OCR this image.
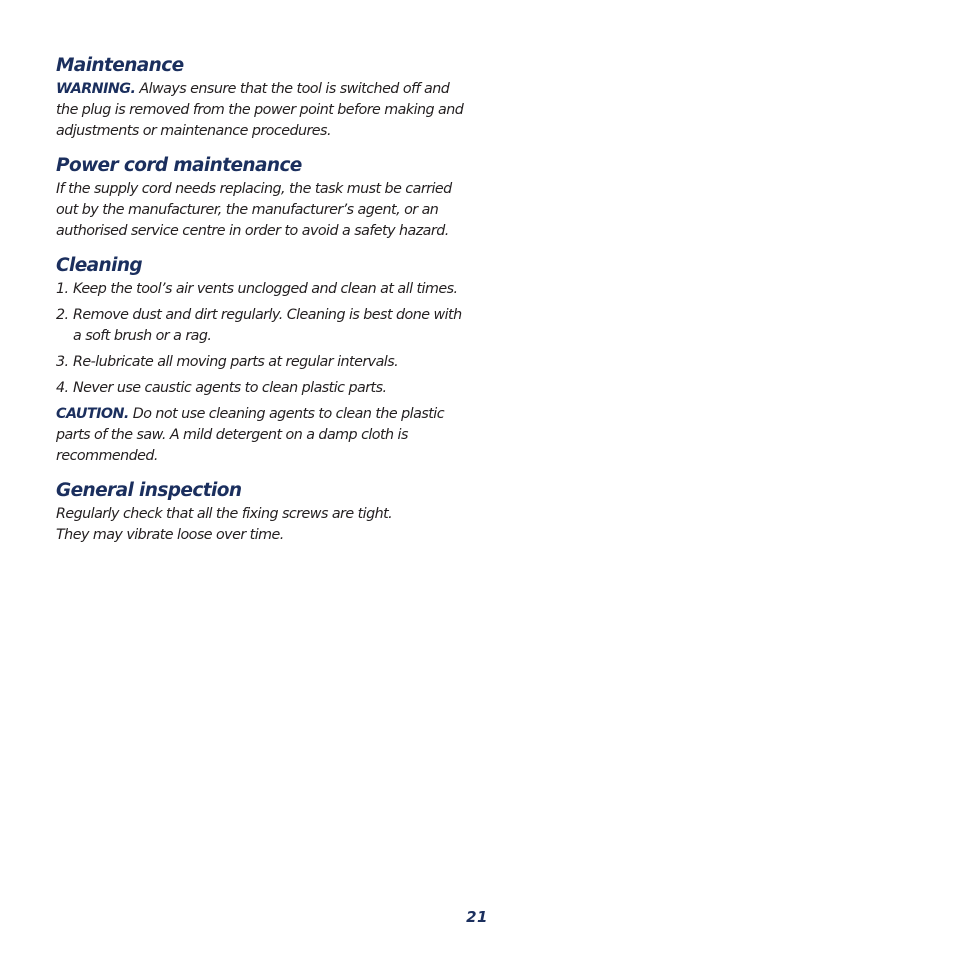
Maintenance

WARNING. Always ensure that the tool is switched off and the plug is removed from the power point before making and adjustments or maintenance procedures.

Power cord maintenance

If the supply cord needs replacing, the task must be carried out by the manufacturer, the manufacturer’s agent, or an authorised service centre in order to avoid a safety hazard.

Cleaning
1. Keep the tool’s air vents unclogged and clean at all times.
2. Remove dust and dirt regularly. Cleaning is best done with a soft brush or a rag.
3. Re-lubricate all moving parts at regular intervals.
4. Never use caustic agents to clean plastic parts.

CAUTION. Do not use cleaning agents to clean the plastic parts of the saw. A mild detergent on a damp cloth is recommended.

General inspection

Regularly check that all the fixing screws are tight.
They may vibrate loose over time.

21
